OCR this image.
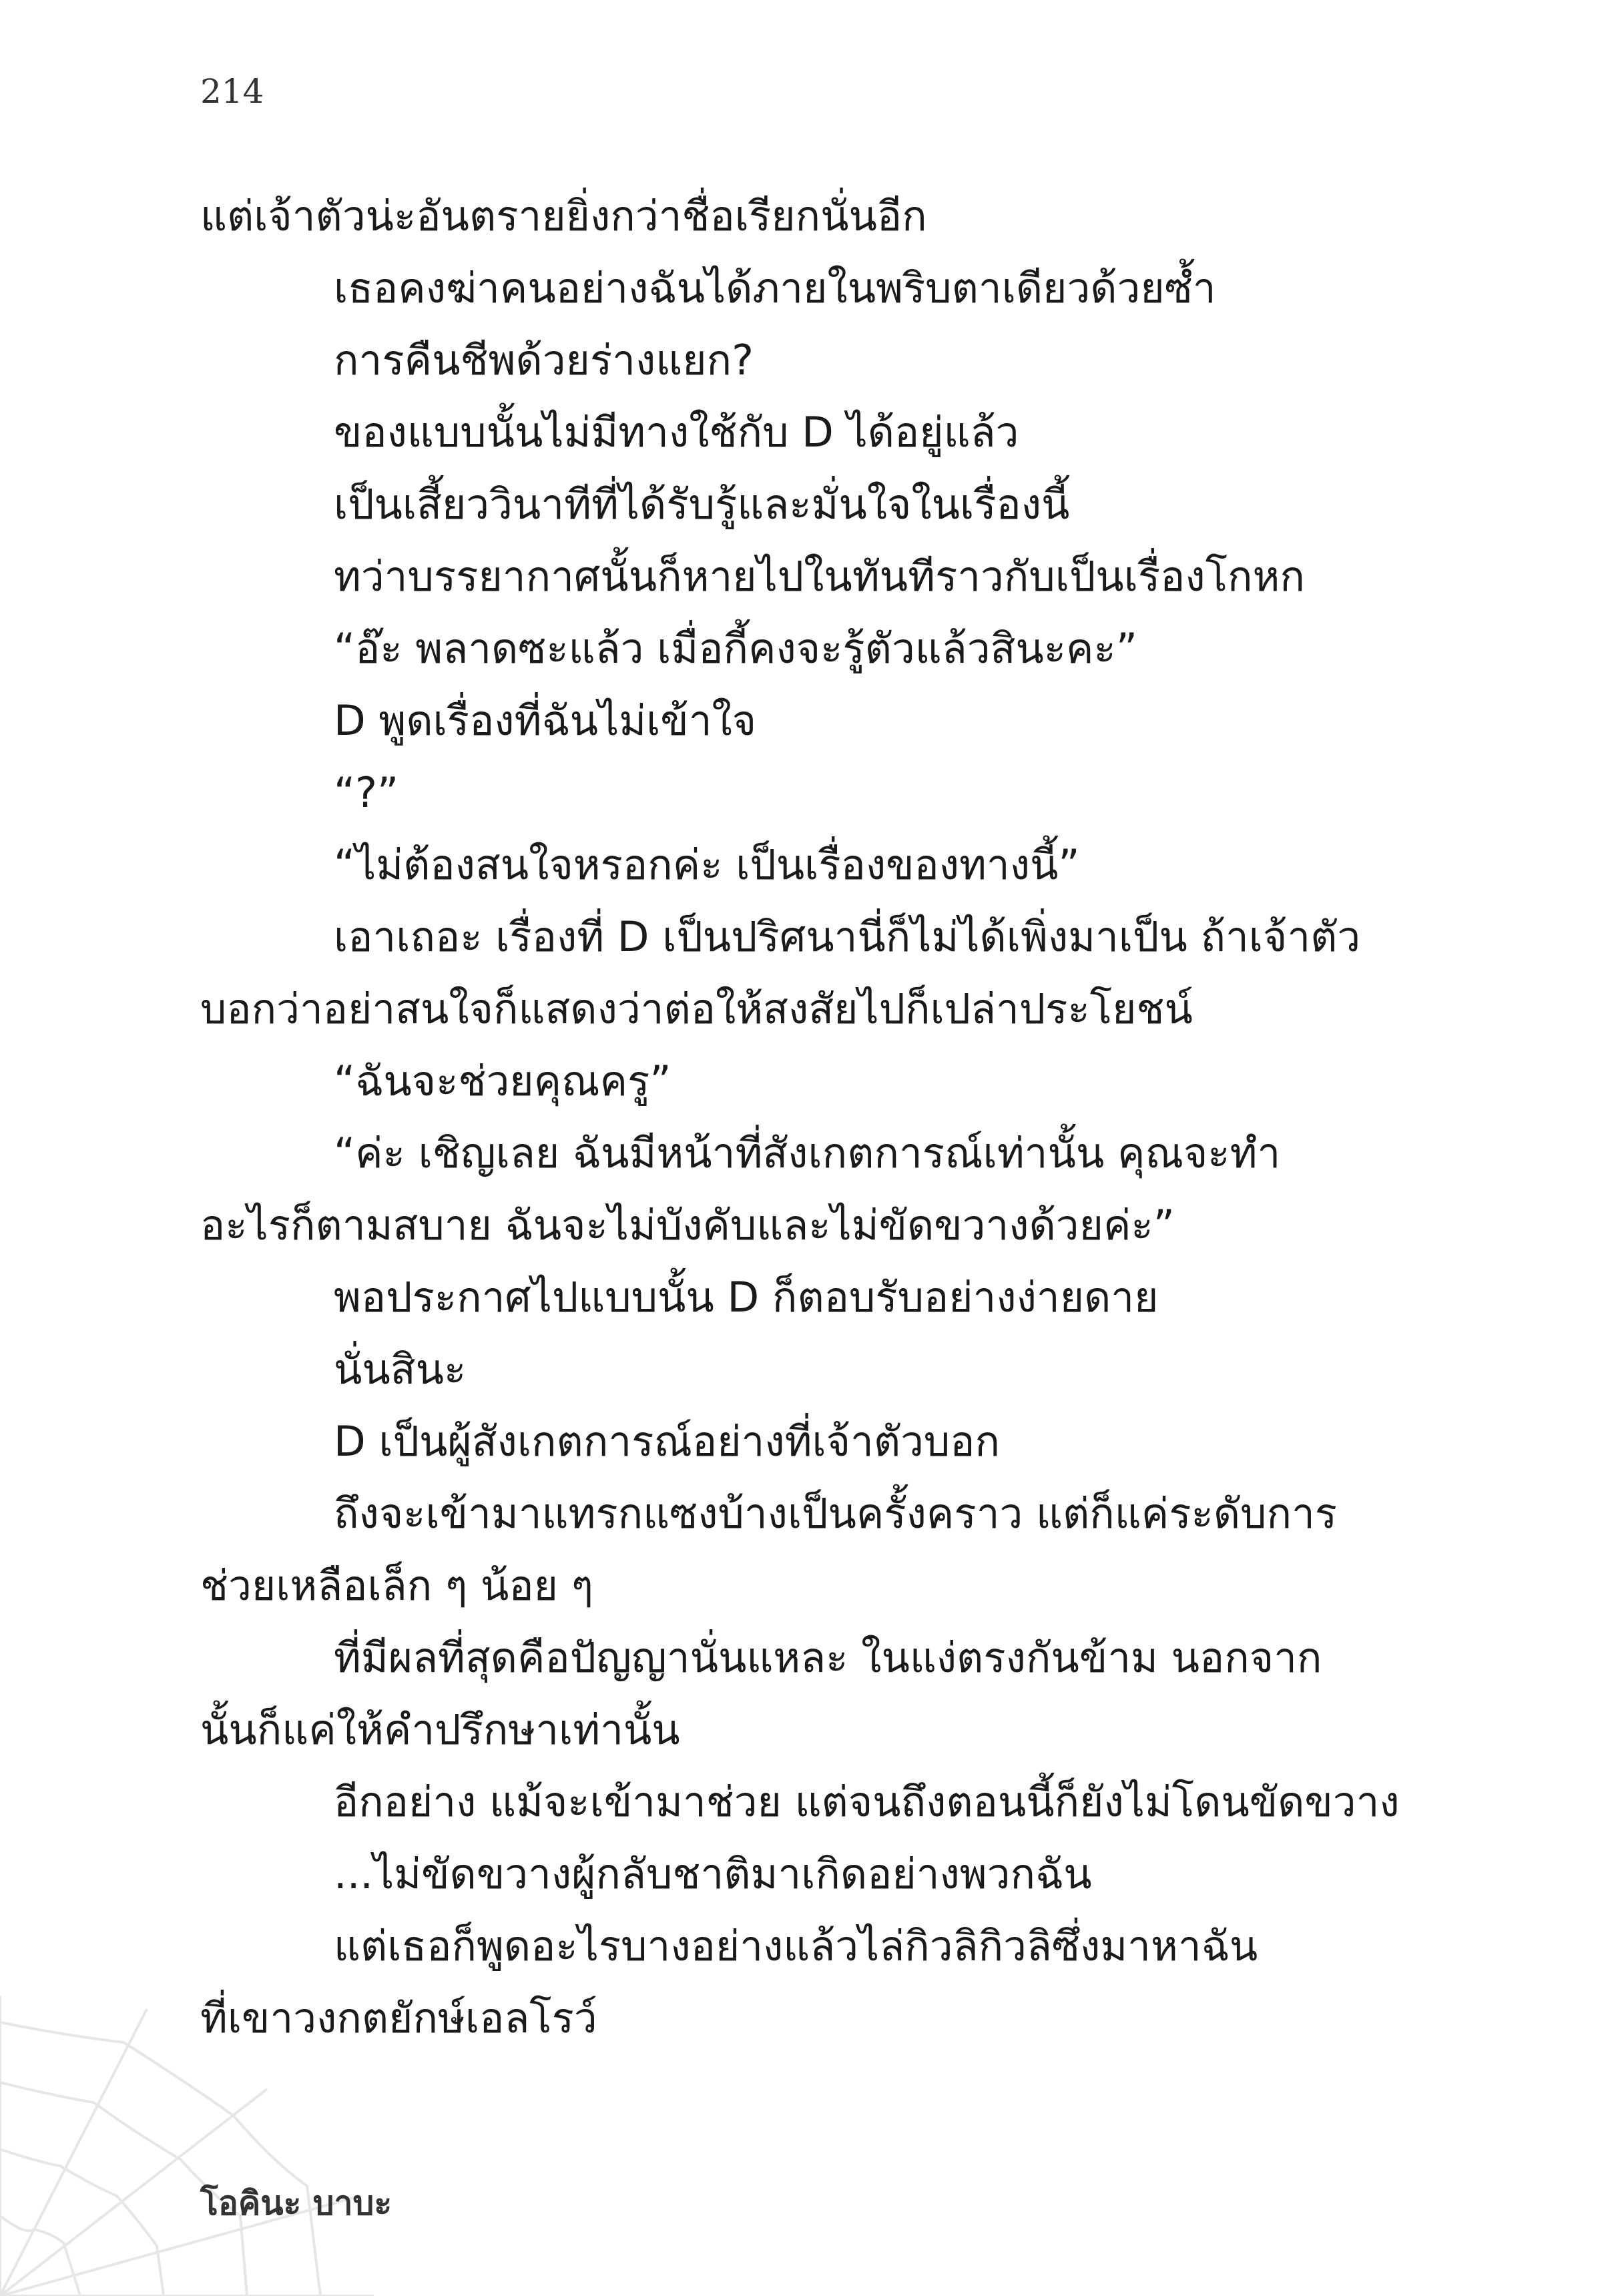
214
แต่เจ้าตัวน่ะอันตรายยิ่งกว่าชื่อเรียกนั่นอีก
เธอคงฆ่าคนอย่างฉันได้ภายในพริบตาเดียวด้วยซ้ำ
การคืนชีพด้วยร่างแยก?
ของแบบนั้นไม่มีทางใช้กับ D ได้อยู่แล้ว
เป็นเสี้ยววินาทีที่ได้รับรู้และมั่นใจในเรื่องนี้
ทว่าบรรยากาศนั้นก็หายไปในทันทีราวกับเป็นเรื่องโกหก
“อ๊ะ พลาดซะแล้ว เมื่อกี้คงจะรู้ตัวแล้วสินะคะ”
D พูดเรื่องที่ฉันไม่เข้าใจ
“?”
“ไม่ต้องสนใจหรอกค่ะ เป็นเรื่องของทางนี้”
เอาเถอะ เรื่องที่ D เป็นปริศนานี่ก็ไม่ได้เพิ่งมาเป็น ถ้าเจ้าตัว
บอกว่าอย่าสนใจก็แสดงว่าต่อให้สงสัยไปก็เปล่าประโยชน์
“ฉันจะช่วยคุณครู”
“ค่ะ เชิญเลย ฉันมีหน้าที่สังเกตการณ์เท่านั้น คุณจะทำ
อะไรก็ตามสบาย ฉันจะไม่บังคับและไม่ขัดขวางด้วยค่ะ”
พอประกาศไปแบบนั้น D ก็ตอบรับอย่างง่ายดาย
นั่นสินะ
D เป็นผู้สังเกตการณ์อย่างที่เจ้าตัวบอก
ถึงจะเข้ามาแทรกแซงบ้างเป็นครั้งคราว แต่ก็แค่ระดับการ
ช่วยเหลือเล็ก ๆ น้อย ๆ
ที่มีผลที่สุดคือปัญญานั่นแหละ ในแง่ตรงกันข้าม นอกจาก
นั้นก็แค่ให้คำปรึกษาเท่านั้น
อีกอย่าง แม้จะเข้ามาช่วย แต่จนถึงตอนนี้ก็ยังไม่โดนขัดขวาง
...ไม่ขัดขวางผู้กลับชาติมาเกิดอย่างพวกฉัน
แต่เธอก็พูดอะไรบางอย่างแล้วไล่กิวลิกิวลิซึ่งมาหาฉัน
ที่เขาวงกตยักษ์เอลโรว์
โอคินะ บาบะ
